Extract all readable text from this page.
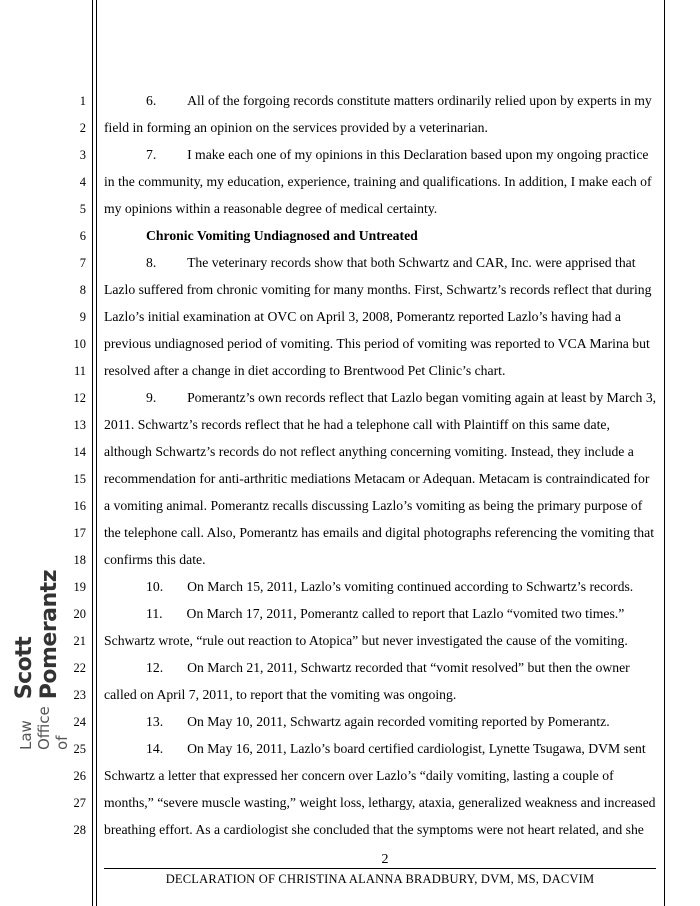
1
2
3
4
5
6
7
8
9
10
11
12
13
14
15
16
17
18
19
20
21
22
23
24
25
26
27
28
6.         All of the forgoing records constitute matters ordinarily relied upon by experts in my
field in forming an opinion on the services provided by a veterinarian.
7.         I make each one of my opinions in this Declaration based upon my ongoing practice
in the community, my education, experience, training and qualifications. In addition, I make each of
my opinions within a reasonable degree of medical certainty.
Chronic Vomiting Undiagnosed and Untreated
8.         The veterinary records show that both Schwartz and CAR, Inc. were apprised that
Lazlo suffered from chronic vomiting for many months. First, Schwartz’s records reflect that during
Lazlo’s initial examination at OVC on April 3, 2008, Pomerantz reported Lazlo’s having had a
previous undiagnosed period of vomiting. This period of vomiting was reported to VCA Marina but
resolved after a change in diet according to Brentwood Pet Clinic’s chart.
9.         Pomerantz’s own records reflect that Lazlo began vomiting again at least by March 3,
2011. Schwartz’s records reflect that he had a telephone call with Plaintiff on this same date,
although Schwartz’s records do not reflect anything concerning vomiting. Instead, they include a
recommendation for anti-arthritic mediations Metacam or Adequan. Metacam is contraindicated for
a vomiting animal. Pomerantz recalls discussing Lazlo’s vomiting as being the primary purpose of
the telephone call. Also, Pomerantz has emails and digital photographs referencing the vomiting that
confirms this date.
10.       On March 15, 2011, Lazlo’s vomiting continued according to Schwartz’s records.
11.       On March 17, 2011, Pomerantz called to report that Lazlo “vomited two times.”
Schwartz wrote, “rule out reaction to Atopica” but never investigated the cause of the vomiting.
12.       On March 21, 2011, Schwartz recorded that “vomit resolved” but then the owner
called on April 7, 2011, to report that the vomiting was ongoing.
13.       On May 10, 2011, Schwartz again recorded vomiting reported by Pomerantz.
14.       On May 16, 2011, Lazlo’s board certified cardiologist, Lynette Tsugawa, DVM sent
Schwartz a letter that expressed her concern over Lazlo’s “daily vomiting, lasting a couple of
months,” “severe muscle wasting,” weight loss, lethargy, ataxia, generalized weakness and increased
breathing effort. As a cardiologist she concluded that the symptoms were not heart related, and she
2
DECLARATION OF CHRISTINA ALANNA BRADBURY, DVM, MS, DACVIM
Law Office of
Scott Pomerantz
